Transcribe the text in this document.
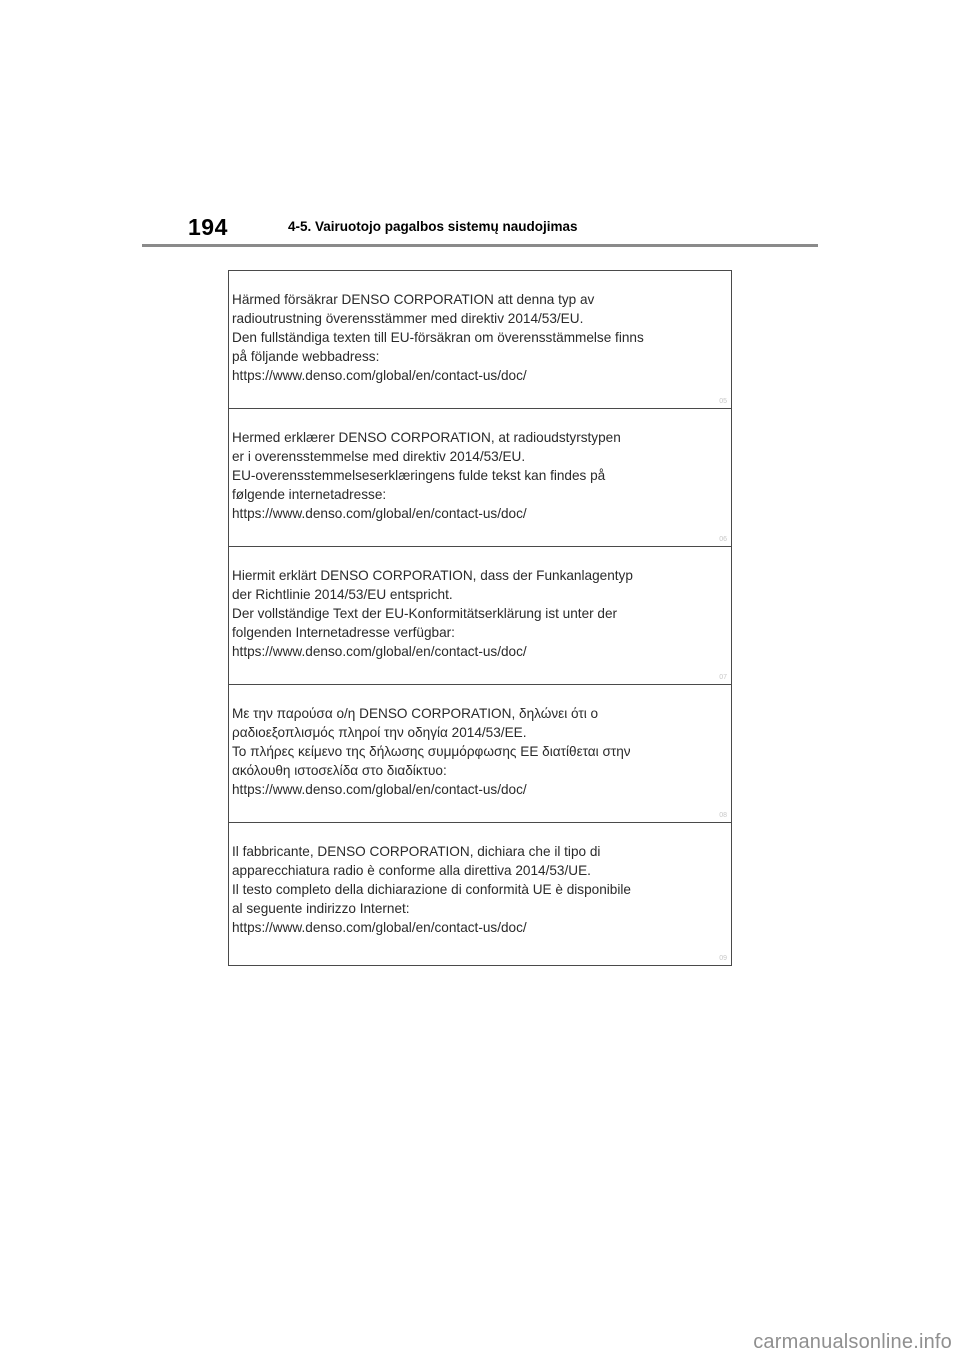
194	4-5. Vairuotojo pagalbos sistemų naudojimas
Härmed försäkrar DENSO CORPORATION att denna typ av
radioutrustning överensstämmer med direktiv 2014/53/EU.
Den fullständiga texten till EU-försäkran om överensstämmelse finns
på följande webbadress:
https://www.denso.com/global/en/contact-us/doc/
05
Hermed erklærer DENSO CORPORATION, at radioudstyrstypen
er i overensstemmelse med direktiv 2014/53/EU.
EU-overensstemmelseserklæringens fulde tekst kan findes på
følgende internetadresse:
https://www.denso.com/global/en/contact-us/doc/
06
Hiermit erklärt DENSO CORPORATION, dass der Funkanlagentyp
der Richtlinie 2014/53/EU entspricht.
Der vollständige Text der EU-Konformitätserklärung ist unter der
folgenden Internetadresse verfügbar:
https://www.denso.com/global/en/contact-us/doc/
07
Με την παρούσα ο/η DENSO CORPORATION, δηλώνει ότι ο
ραδιοεξοπλισμός πληροί την οδηγία 2014/53/ΕΕ.
Το πλήρες κείμενο της δήλωσης συμμόρφωσης ΕΕ διατίθεται στην
ακόλουθη ιστοσελίδα στο διαδίκτυο:
https://www.denso.com/global/en/contact-us/doc/
08
Il fabbricante, DENSO CORPORATION, dichiara che il tipo di
apparecchiatura radio è conforme alla direttiva 2014/53/UE.
Il testo completo della dichiarazione di conformità UE è disponibile
al seguente indirizzo Internet:
https://www.denso.com/global/en/contact-us/doc/
09
carmanualsonline.info
